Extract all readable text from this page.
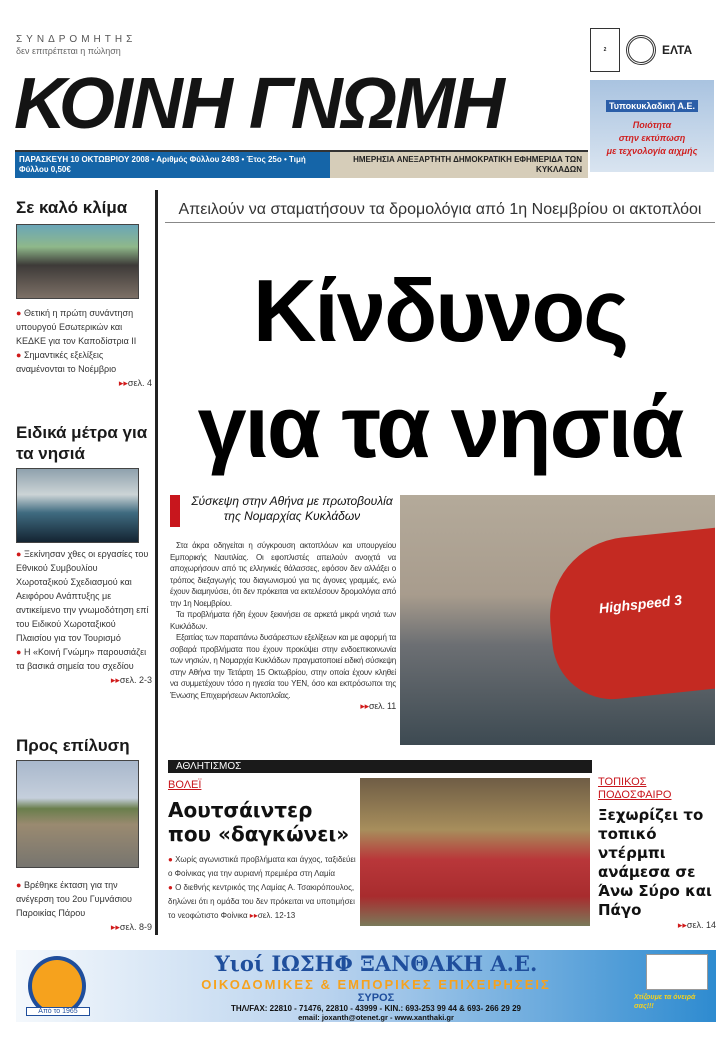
ΣΥΝΔΡΟΜΗΤΗΣ
δεν επιτρέπεται η πώληση
ΚΟΙΝΗ ΓΝΩΜΗ
ΠΑΡΑΣΚΕΥΗ 10 ΟΚΤΩΒΡΙΟΥ 2008 • Αριθμός Φύλλου 2493 • Έτος 25ο • Τιμή Φύλλου 0,50€
ΗΜΕΡΗΣΙΑ ΑΝΕΞΑΡΤΗΤΗ ΔΗΜΟΚΡΑΤΙΚΗ ΕΦΗΜΕΡΙΔΑ ΤΩΝ ΚΥΚΛΑΔΩΝ

2	ΕΛΤΑ
Τυποκυκλαδική Α.Ε.
Ποιότητα
στην εκτύπωση
με τεχνολογία αιχμής
Σε καλό κλίμα
● Θετική η πρώτη συνάντηση υπουργού Εσωτερικών και ΚΕΔΚΕ για τον Καποδίστρια ΙΙ
● Σημαντικές εξελίξεις αναμένονται το Νοέμβριο
▸▸σελ. 4
Ειδικά μέτρα για τα νησιά
● Ξεκίνησαν χθες οι εργασίες του Εθνικού Συμβουλίου Χωροταξικού Σχεδιασμού και Αειφόρου Ανάπτυξης με αντικείμενο την γνωμοδότηση επί του Ειδικού Χωροταξικού Πλαισίου για τον Τουρισμό
● Η «Κοινή Γνώμη» παρουσιάζει τα βασικά σημεία του σχεδίου
▸▸σελ. 2-3
Προς επίλυση
● Βρέθηκε έκταση για την ανέγερση του 2ου Γυμνάσιου Παροικίας Πάρου
▸▸σελ. 8-9
Απειλούν να σταματήσουν τα δρομολόγια από 1η Νοεμβρίου οι ακτοπλόοι
Κίνδυνος
για τα νησιά
Σύσκεψη στην Αθήνα με πρωτοβουλία της Νομαρχίας Κυκλάδων

Στα άκρα οδηγείται η σύγκρουση ακτοπλόων και υπουργείου Εμπορικής Ναυτιλίας. Οι εφοπλιστές απειλούν ανοιχτά να αποχωρήσουν από τις ελληνικές θάλασσες, εφόσον δεν αλλάξει ο τρόπος διεξαγωγής του διαγωνισμού για τις άγονες γραμμές, ενώ έχουν διαμηνύσει, ότι δεν πρόκειται να εκτελέσουν δρομολόγια από την 1η Νοεμβρίου.

Τα προβλήματα ήδη έχουν ξεκινήσει σε αρκετά μικρά νησιά των Κυκλάδων.

Εξαιτίας των παραπάνω δυσάρεστων εξελίξεων και με αφορμή τα σοβαρά προβλήματα που έχουν προκύψει στην ενδοεπικοινωνία των νησιών, η Νομαρχία Κυκλάδων πραγματοποιεί ειδική σύσκεψη στην Αθήνα την Τετάρτη 15 Οκτωβρίου, στην οποία έχουν κληθεί να συμμετέχουν τόσο η ηγεσία του ΥΕΝ, όσο και εκπρόσωποι της Ένωσης Επιχειρήσεων Ακτοπλοΐας.

▸▸σελ. 11
Highspeed 3
ΑΘΛΗΤΙΣΜΟΣ
ΒΟΛΕΪ
Αουτσάιντερ
που «δαγκώνει»
● Χωρίς αγωνιστικά προβλήματα και άγχος, ταξιδεύει ο Φοίνικας για την αυριανή πρεμιέρα στη Λαμία
● Ο διεθνής κεντρικός της Λαμίας Α. Τσακιρόπουλος, δηλώνει ότι η ομάδα του δεν πρόκειται να υποτιμήσει το νεοφώτιστο Φοίνικα ▸▸σελ. 12-13
ΤΟΠΙΚΟΣ
ΠΟΔΟΣΦΑΙΡΟ
Ξεχωρίζει το τοπικό ντέρμπι ανάμεσα σε Άνω Σύρο και Πάγο
▸▸σελ. 14
Από το 1965
Υιοί ΙΩΣΗΦ ΞΑΝΘΑΚΗ Α.Ε.
ΟΙΚΟΔΟΜΙΚΕΣ & ΕΜΠΟΡΙΚΕΣ ΕΠΙΧΕΙΡΗΣΕΙΣ
ΣΥΡΟΣ
ΤΗΛ/FAX: 22810 - 71476, 22810 - 43999 - ΚΙΝ.: 693-253 99 44 & 693- 266 29 29
email: joxanth@otenet.gr - www.xanthaki.gr
Χτίζουμε τα όνειρά σας!!!
